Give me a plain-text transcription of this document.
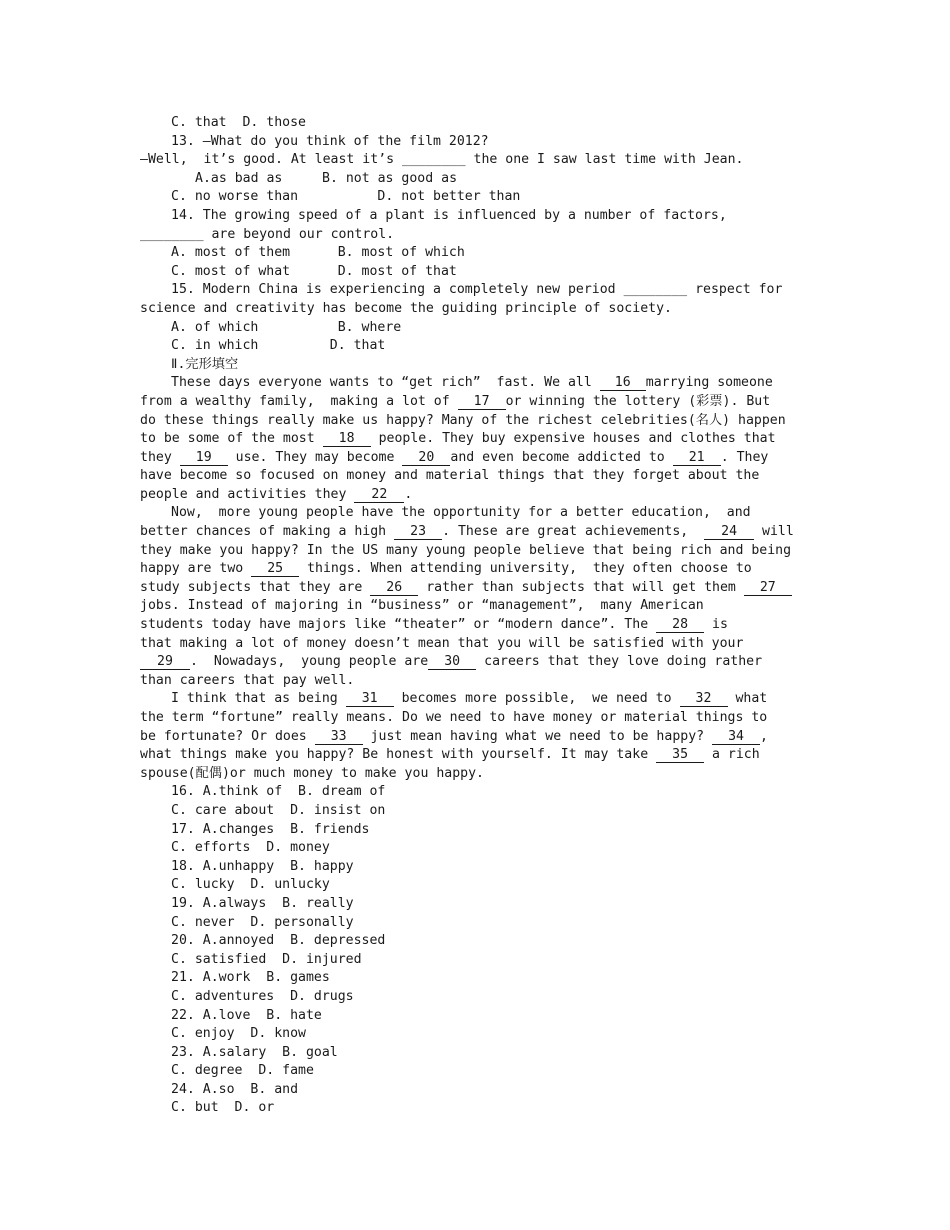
C. that  D. those
13. —What do you think of the film 2012?
—Well,  it’s good. At least it’s ________ the one I saw last time with Jean.
A.as bad as     B. not as good as
C. no worse than          D. not better than
14. The growing speed of a plant is influenced by a number of factors,
________ are beyond our control.
A. most of them      B. most of which
C. most of what      D. most of that
15. Modern China is experiencing a completely new period ________ respect for
science and creativity has become the guiding principle of society.
A. of which          B. where
C. in which         D. that
Ⅱ.完形填空
These days everyone wants to “get rich”  fast. We all 16 marrying someone
from a wealthy family,  making a lot of 17 or winning the lottery (彩票). But
do these things really make us happy? Many of the richest celebrities(名人) happen
to be some of the most 18 people. They buy expensive houses and clothes that
they 19 use. They may become 20 and even become addicted to 21 . They
have become so focused on money and material things that they forget about the
people and activities they 22 .
Now,  more young people have the opportunity for a better education,  and
better chances of making a high 23 . These are great achievements,  24 will
they make you happy? In the US many young people believe that being rich and being
happy are two 25 things. When attending university,  they often choose to
study subjects that they are 26 rather than subjects that will get them 27
jobs. Instead of majoring in “business” or “management”,  many American
students today have majors like “theater” or “modern dance”. The 28 is
that making a lot of money doesn’t mean that you will be satisfied with your
29 .  Nowadays,  young people are 30 careers that they love doing rather
than careers that pay well.
I think that as being 31 becomes more possible,  we need to 32 what
the term “fortune” really means. Do we need to have money or material things to
be fortunate? Or does 33 just mean having what we need to be happy? 34 ,
what things make you happy? Be honest with yourself. It may take 35 a rich
spouse(配偶)or much money to make you happy.
16. A.think of  B. dream of
C. care about  D. insist on
17. A.changes  B. friends
C. efforts  D. money
18. A.unhappy  B. happy
C. lucky  D. unlucky
19. A.always  B. really
C. never  D. personally
20. A.annoyed  B. depressed
C. satisfied  D. injured
21. A.work  B. games
C. adventures  D. drugs
22. A.love  B. hate
C. enjoy  D. know
23. A.salary  B. goal
C. degree  D. fame
24. A.so  B. and
C. but  D. or
